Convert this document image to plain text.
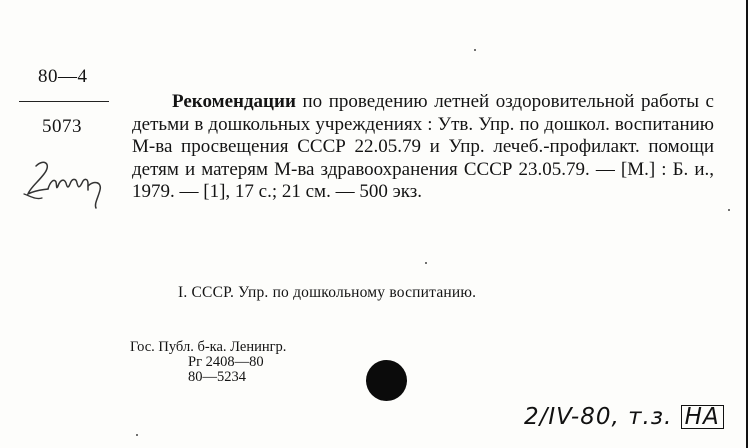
80—4
5073

Рекомендации по проведению летней оздоровительной работы с детьми в дошкольных учреждениях : Утв. Упр. по дошкол. воспитанию М-ва просвещения СССР 22.05.79 и Упр. лечеб.-профилакт. помощи детям и матерям М-ва здравоохранения СССР 23.05.79. — [М.] : Б. и., 1979. — [1], 17 с.; 21 см. — 500 экз.

I. СССР. Упр. по дошкольному воспитанию.
Гос. Публ. б-ка. Ленингр.
Рг 2408—80
80—5234
2/IV-80, т.з. НА
